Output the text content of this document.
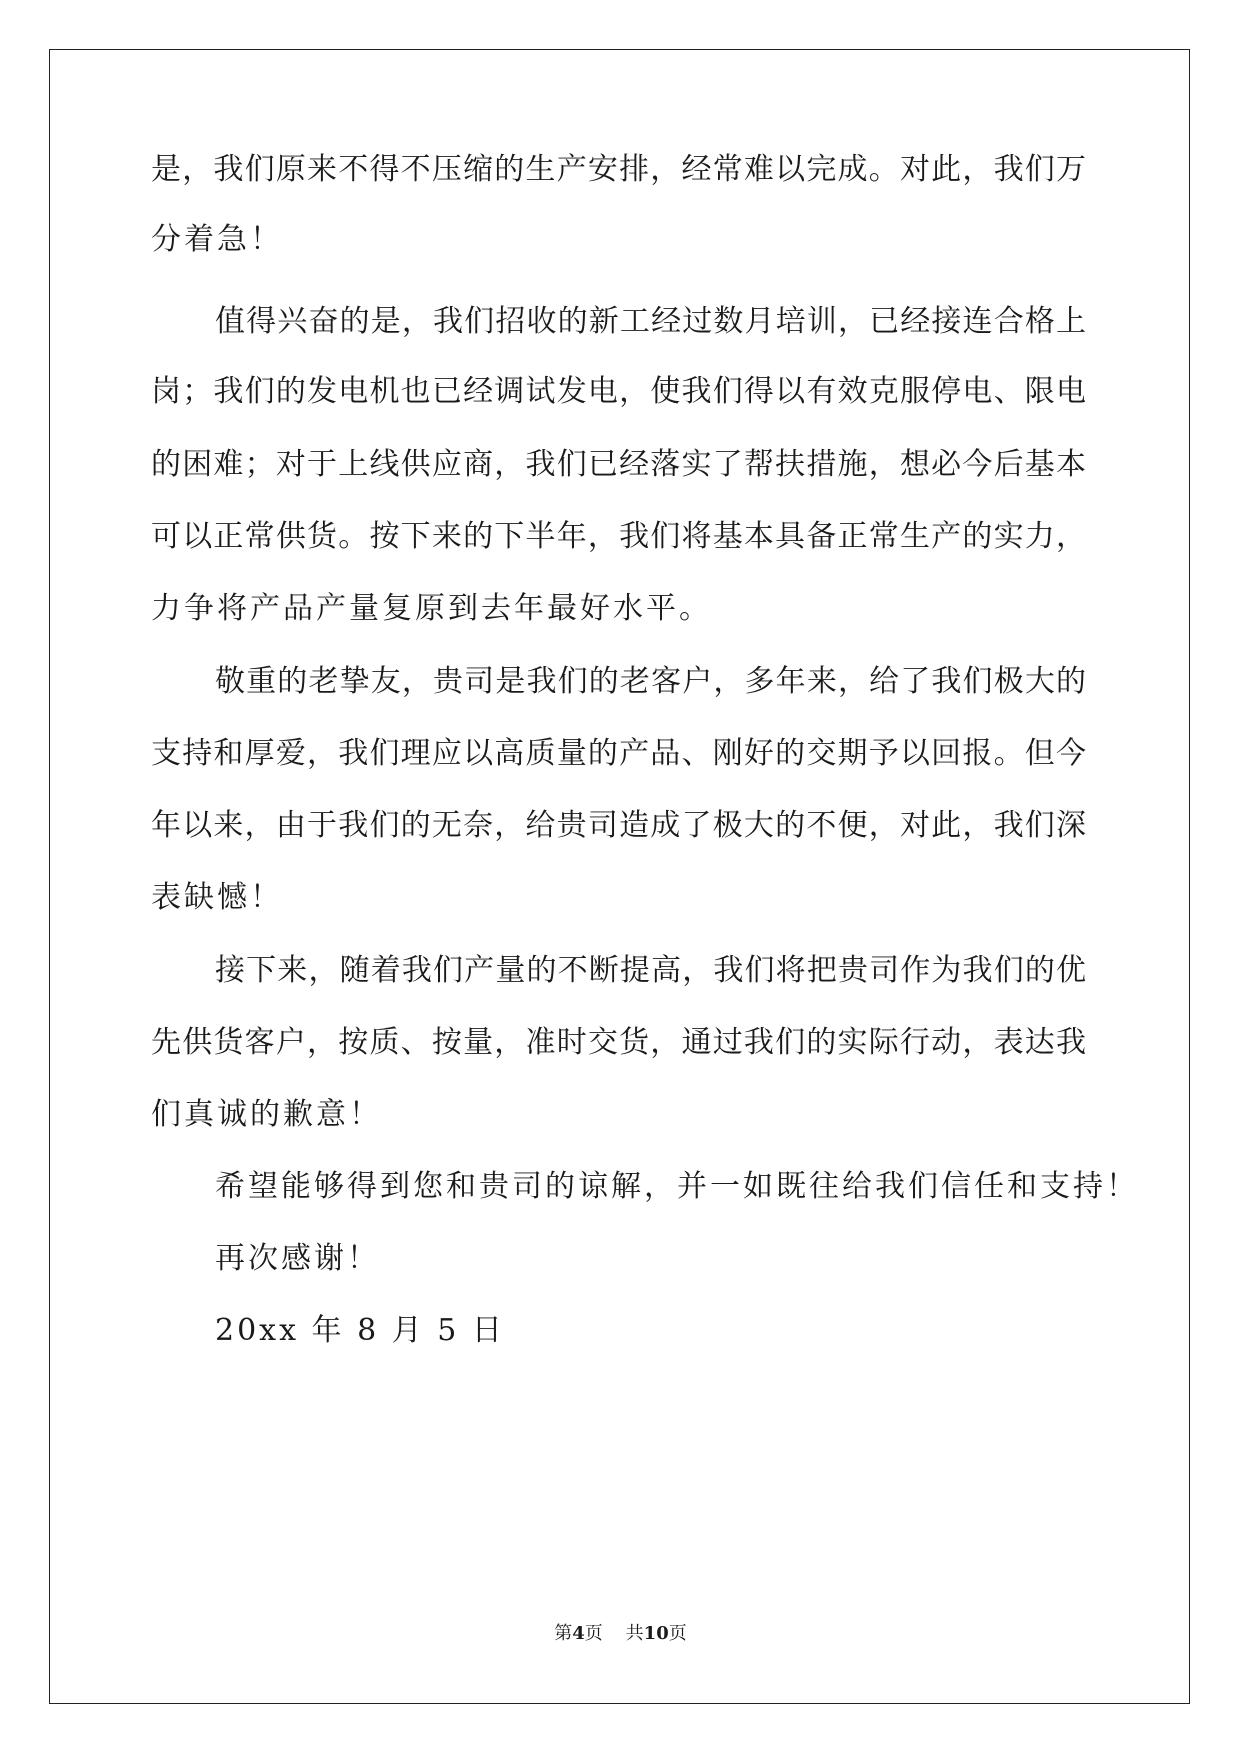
是，我们原来不得不压缩的生产安排，经常难以完成。对此，我们万

分着急！

值得兴奋的是，我们招收的新工经过数月培训，已经接连合格上

岗；我们的发电机也已经调试发电，使我们得以有效克服停电、限电

的困难；对于上线供应商，我们已经落实了帮扶措施，想必今后基本

可以正常供货。按下来的下半年，我们将基本具备正常生产的实力，

力争将产品产量复原到去年最好水平。

敬重的老挚友，贵司是我们的老客户，多年来，给了我们极大的

支持和厚爱，我们理应以高质量的产品、刚好的交期予以回报。但今

年以来，由于我们的无奈，给贵司造成了极大的不便，对此，我们深

表缺憾！

接下来，随着我们产量的不断提高，我们将把贵司作为我们的优

先供货客户，按质、按量，准时交货，通过我们的实际行动，表达我

们真诚的歉意！

希望能够得到您和贵司的谅解，并一如既往给我们信任和支持！

再次感谢！

20xx 年 8 月 5 日

第4页    共10页
